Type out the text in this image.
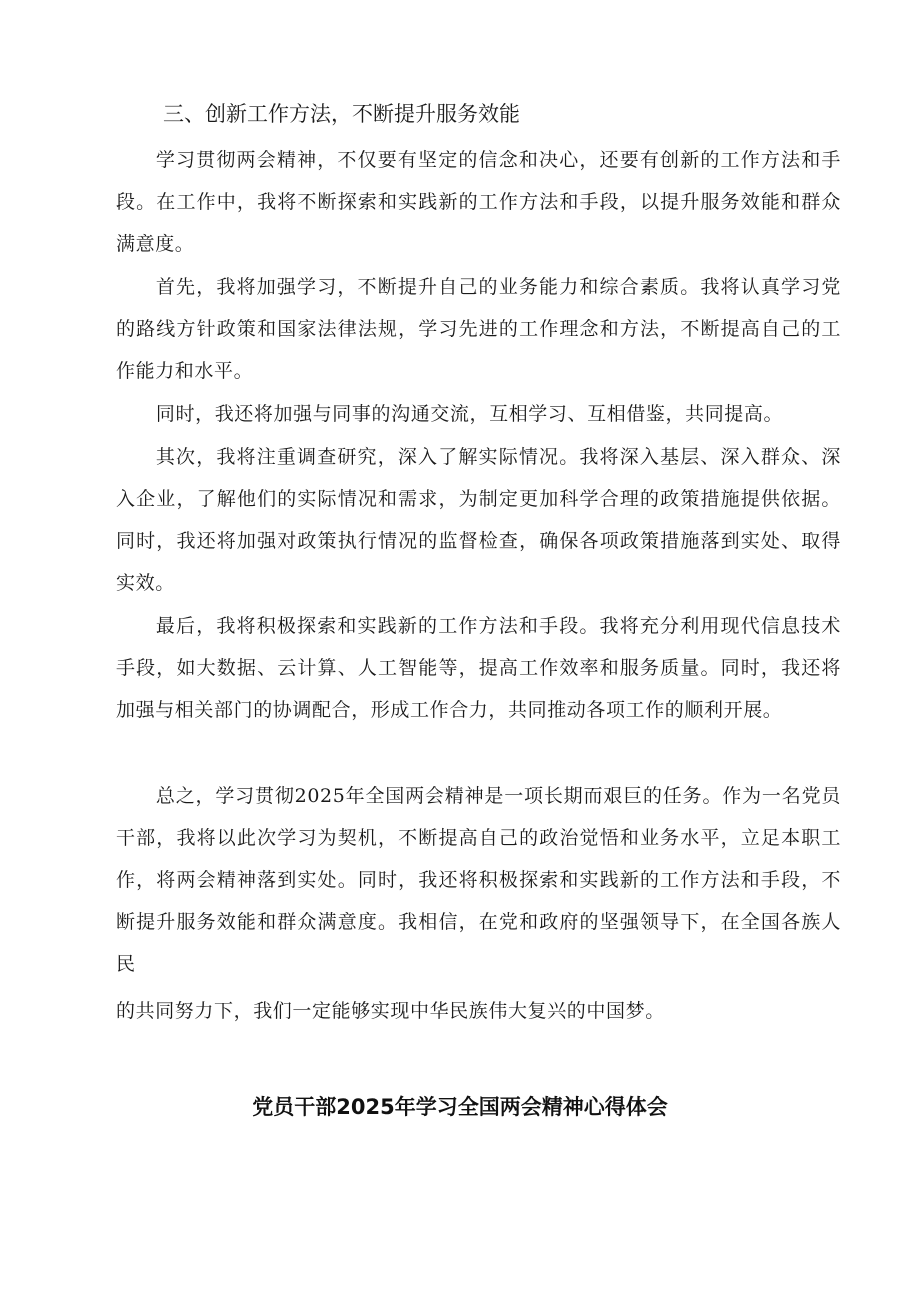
三、创新工作方法，不断提升服务效能

学习贯彻两会精神，不仅要有坚定的信念和决心，还要有创新的工作方法和手段。在工作中，我将不断探索和实践新的工作方法和手段，以提升服务效能和群众满意度。

首先，我将加强学习，不断提升自己的业务能力和综合素质。我将认真学习党的路线方针政策和国家法律法规，学习先进的工作理念和方法，不断提高自己的工作能力和水平。

同时，我还将加强与同事的沟通交流，互相学习、互相借鉴，共同提高。

其次，我将注重调查研究，深入了解实际情况。我将深入基层、深入群众、深入企业，了解他们的实际情况和需求，为制定更加科学合理的政策措施提供依据。同时，我还将加强对政策执行情况的监督检查，确保各项政策措施落到实处、取得实效。

最后，我将积极探索和实践新的工作方法和手段。我将充分利用现代信息技术手段，如大数据、云计算、人工智能等，提高工作效率和服务质量。同时，我还将加强与相关部门的协调配合，形成工作合力，共同推动各项工作的顺利开展。

总之，学习贯彻2025年全国两会精神是一项长期而艰巨的任务。作为一名党员干部，我将以此次学习为契机，不断提高自己的政治觉悟和业务水平，立足本职工作，将两会精神落到实处。同时，我还将积极探索和实践新的工作方法和手段，不断提升服务效能和群众满意度。我相信，在党和政府的坚强领导下，在全国各族人民

的共同努力下，我们一定能够实现中华民族伟大复兴的中国梦。
党员干部2025年学习全国两会精神心得体会
